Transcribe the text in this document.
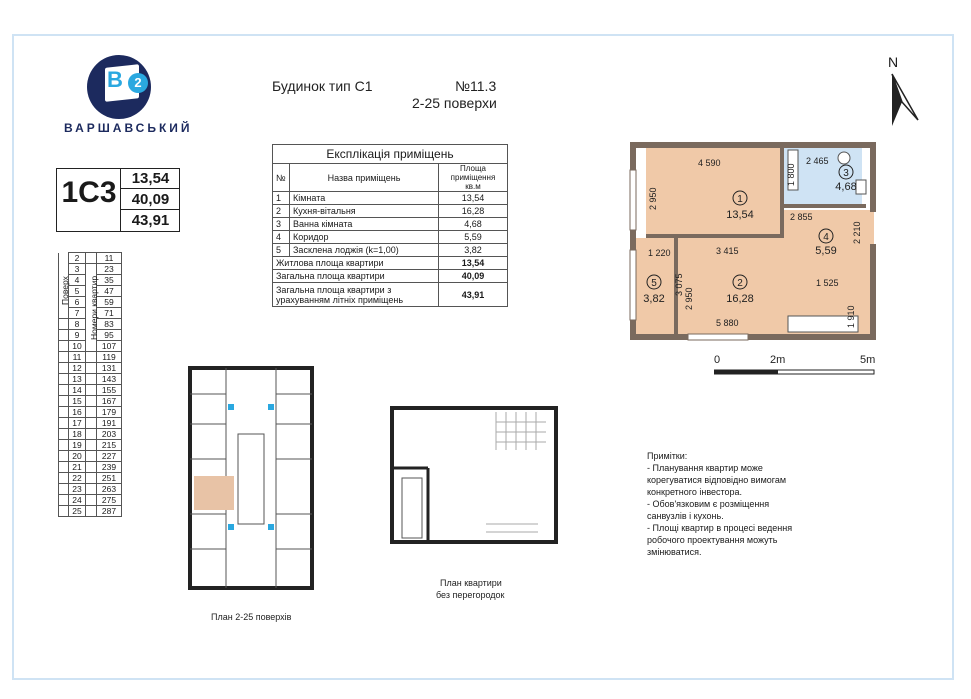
B 2
ВАРШАВСЬКИЙ
Будинок тип С1	№11.3
2-25 поверхи
1С3	13,54
40,09
43,91
Експлікація приміщень		
№	Назва приміщень	Площа приміщення кв.м
1	Кімната	13,54
2	Кухня-вітальня	16,28
3	Ванна кімната	4,68
4	Коридор	5,59
5	Засклена лоджія (k=1,00)	3,82
Житлова площа квартири		13,54
Загальна площа квартири		40,09
Загальна площа квартири з урахуванням літніх приміщень		43,91
	2		11
	3		23
	4		35
	5		47
	6		59
	7		71
	8		83
	9		95
	10		107
	11		119
	12		131
	13		143
	14		155
	15		167
	16		179
	17		191
	18		203
	19		215
	20		227
	21		239
	22		251
	23		263
	24		275
	25		287
Поверх Номери квартир
N
4 590	2 465
2 855
1 220	3 415
1 525
5 880
2 950
1 800
2 210
2 950
3 075
1 910
1
13,54
2
16,28
3
4,68
4
5,59
5
3,82
0	2m	5m
План квартири
без перегородок
План 2-25 поверхів
Примітки:
- Планування квартир може
корегуватися відповідно вимогам
конкретного інвестора.
- Обов'язковим є розміщення
санвузлів і кухонь.
- Площі квартир в процесі ведення
робочого проектування можуть
змінюватися.
